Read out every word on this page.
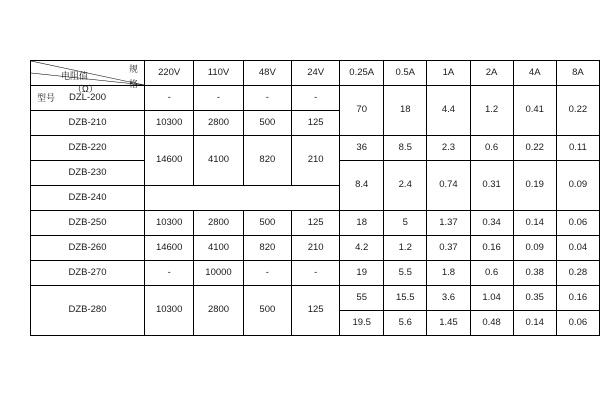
规
格
电阻值
（Ω）
型号	220V	110V	48V	24V	0.25A	0.5A	1A	2A	4A	8A
DZL-200	-	-	-	-	70	18	4.4	1.2	0.41	0.22
DZB-210	10300	2800	500	125						
DZB-220	14600	4100	820	210	36	8.5	2.3	0.6	0.22	0.11
DZB-230					8.4	2.4	0.74	0.31	0.19	0.09
DZB-240										
DZB-250	10300	2800	500	125	18	5	1.37	0.34	0.14	0.06
DZB-260	14600	4100	820	210	4.2	1.2	0.37	0.16	0.09	0.04
DZB-270	-	10000	-	-	19	5.5	1.8	0.6	0.38	0.28
DZB-280	10300	2800	500	125	55	15.5	3.6	1.04	0.35	0.16
					19.5	5.6	1.45	0.48	0.14	0.06
